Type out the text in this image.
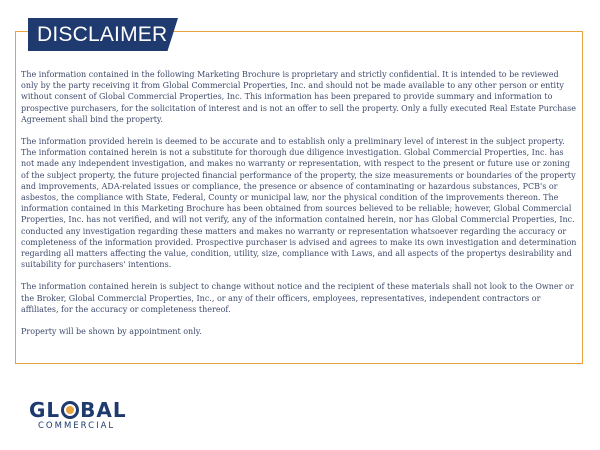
DISCLAIMER

The information contained in the following Marketing Brochure is proprietary and strictly confidential. It is intended to be reviewed only by the party receiving it from Global Commercial Properties, Inc. and should not be made available to any other person or entity without consent of Global Commercial Properties, Inc. This information has been prepared to provide summary and information to prospective purchasers, for the solicitation of interest and is not an offer to sell the property. Only a fully executed Real Estate Purchase Agreement shall bind the property.

The information provided herein is deemed to be accurate and to establish only a preliminary level of interest in the subject property. The information contained herein is not a substitute for thorough due diligence investigation. Global Commercial Properties, Inc. has not made any independent investigation, and makes no warranty or representation, with respect to the present or future use or zoning of the subject property, the future projected financial performance of the property, the size measurements or boundaries of the property and improvements, ADA-related issues or compliance, the presence or absence of contaminating or hazardous substances, PCB's or asbestos, the compliance with State, Federal, County or municipal law, nor the physical condition of the improvements thereon. The information contained in this Marketing Brochure has been obtained from sources believed to be reliable; however, Global Commercial Properties, Inc. has not verified, and will not verify, any of the information contained herein, nor has Global Commercial Properties, Inc. conducted any investigation regarding these matters and makes no warranty or representation whatsoever regarding the accuracy or completeness of the information provided. Prospective purchaser is advised and agrees to make its own investigation and determination regarding all matters affecting the value, condition, utility, size, compliance with Laws, and all aspects of the propertys desirability and suitability for purchasers' intentions.

The information contained herein is subject to change without notice and the recipient of these materials shall not look to the Owner or the Broker, Global Commercial Properties, Inc., or any of their officers, employees, representatives, independent contractors or affiliates, for the accuracy or completeness thereof.

Property will be shown by appointment only.

GL BAL
COMMERCIAL
